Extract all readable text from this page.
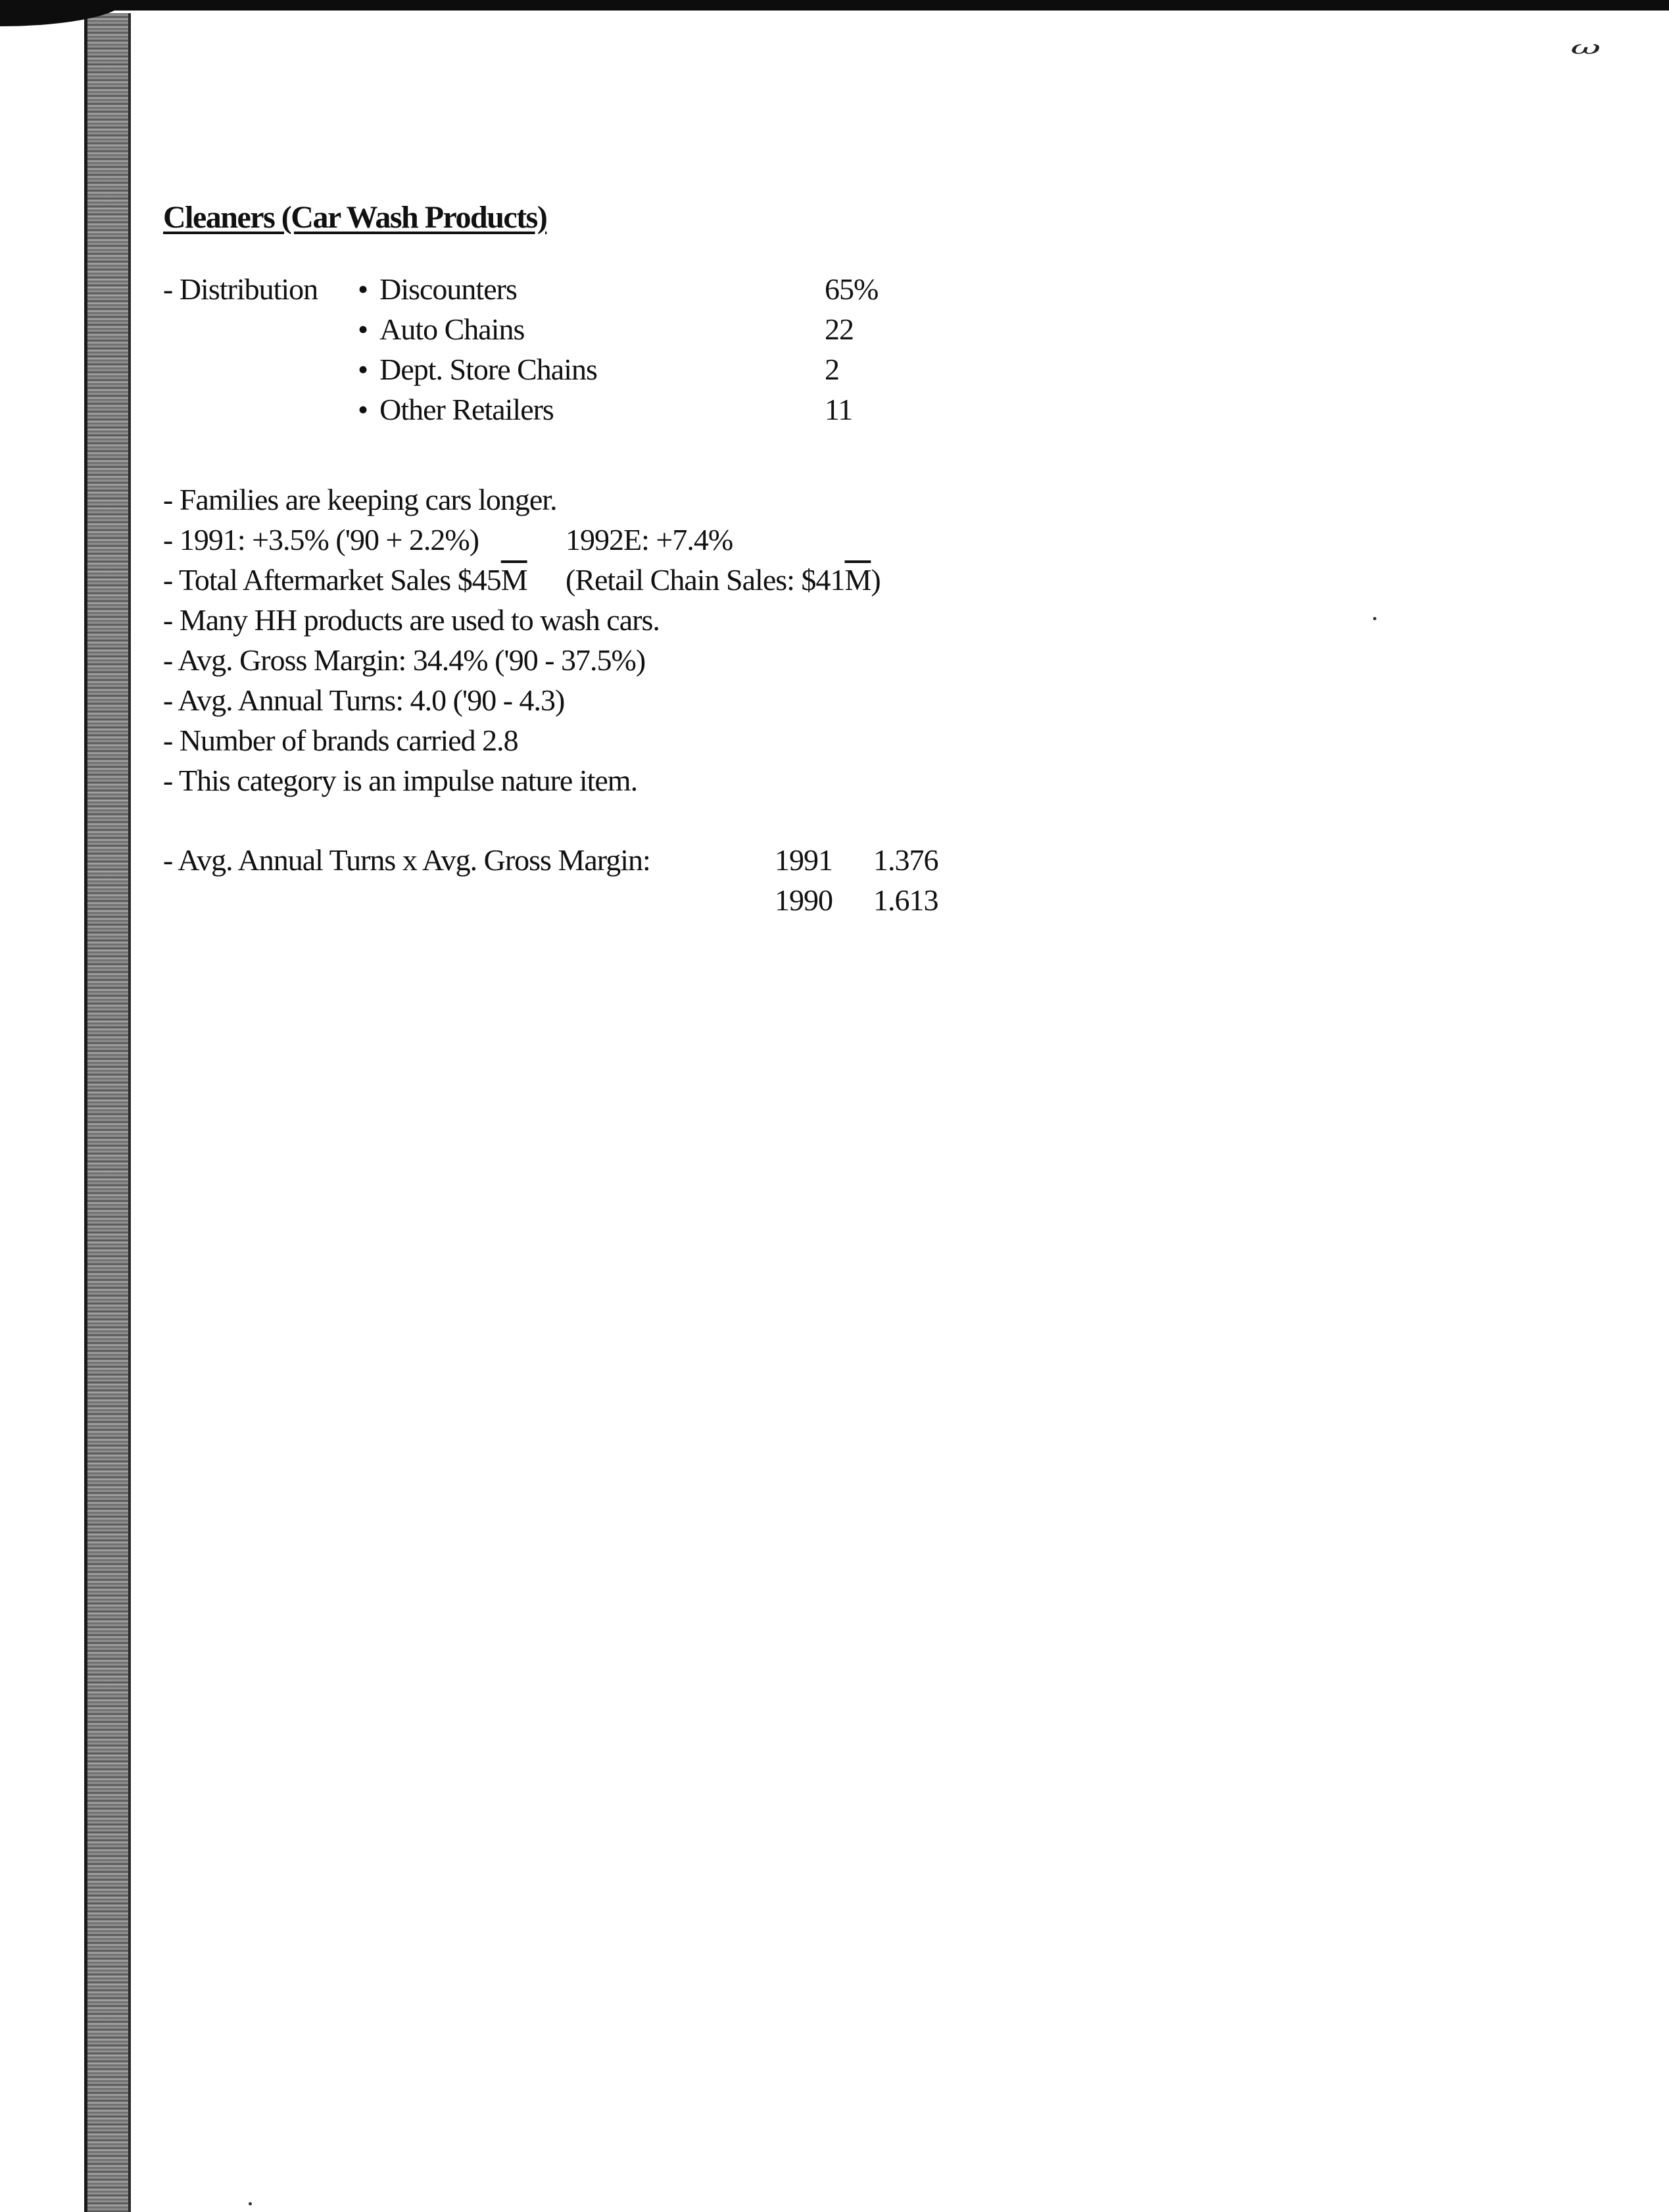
ω
Cleaners (Car Wash Products)
- Distribution	• Discounters	65%
• Auto Chains	22
• Dept. Store Chains	2
• Other Retailers	11
- Families are keeping cars longer.
- 1991: +3.5% ('90 + 2.2%)	1992E: +7.4%
- Total Aftermarket Sales $\$45\overline{M}$ (Retail Chain Sales: $\$41\overline{M}$)
- Many HH products are used to wash cars.
- Avg. Gross Margin: 34.4% ('90 - 37.5%)
- Avg. Annual Turns: 4.0 ('90 - 4.3)
- Number of brands carried 2.8
- This category is an impulse nature item.
- Avg. Annual Turns x Avg. Gross Margin:	1991 1.376
1990 1.613
